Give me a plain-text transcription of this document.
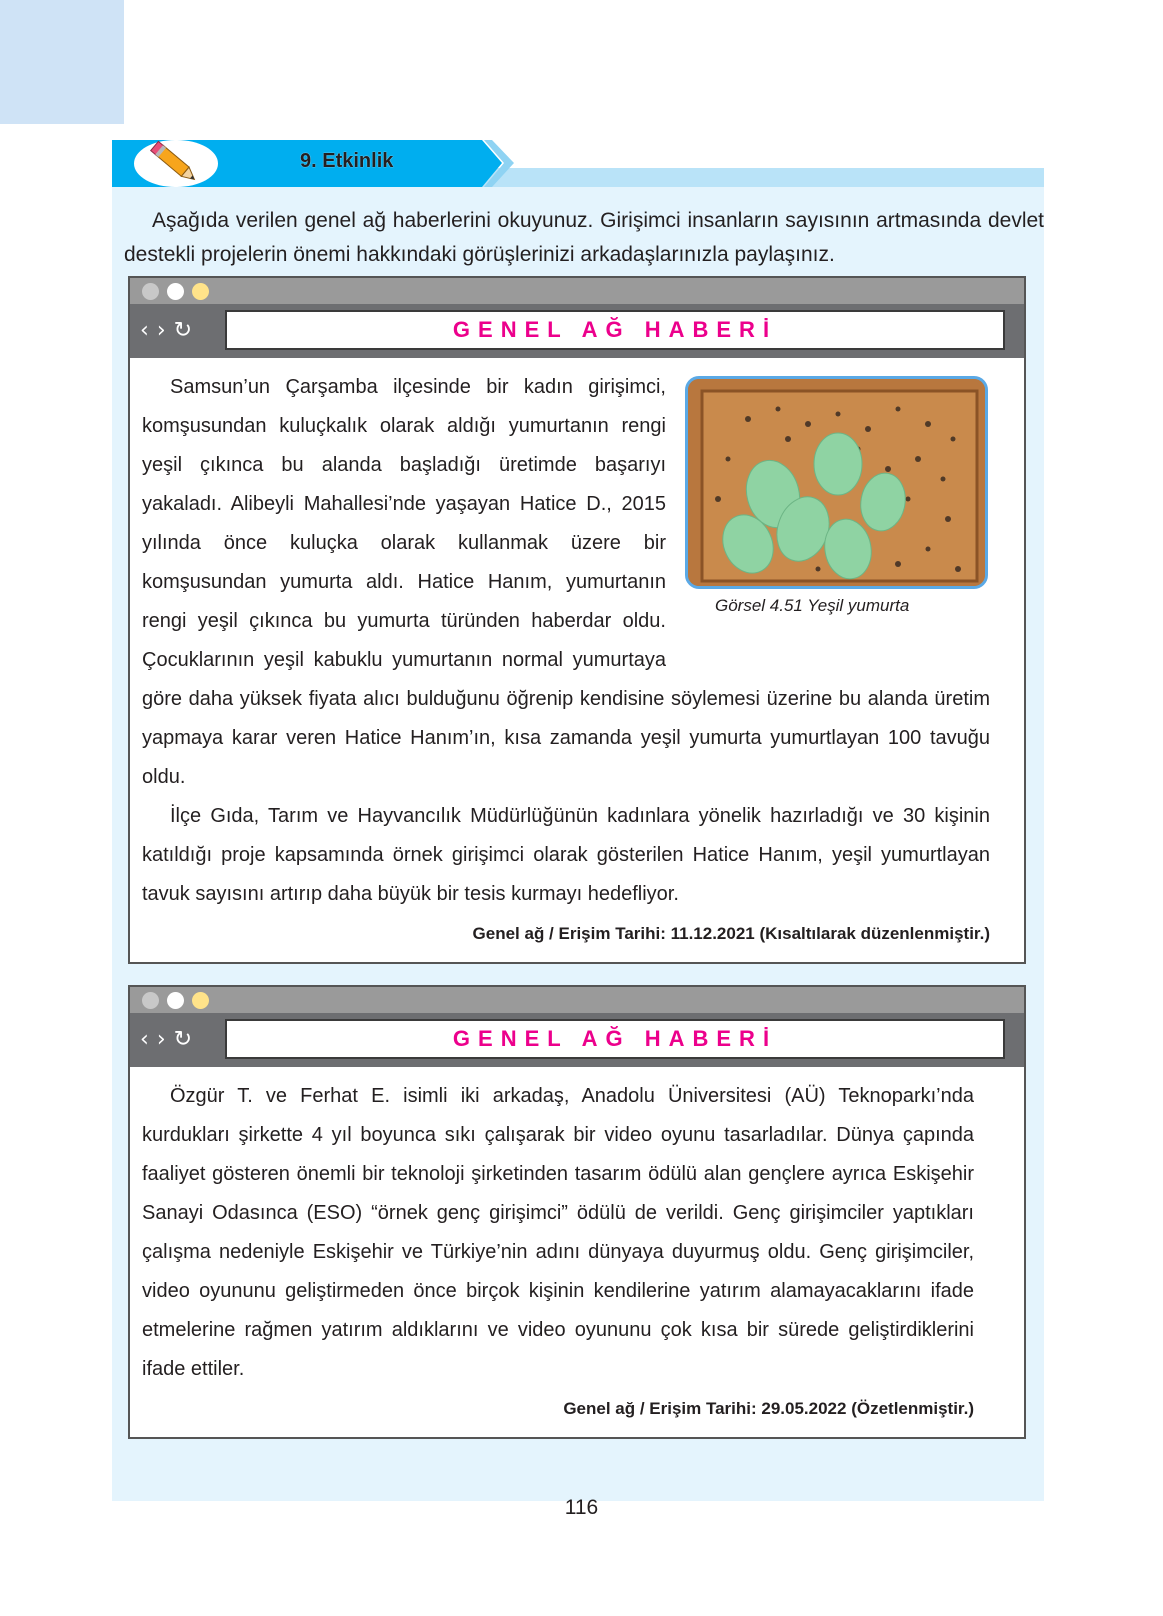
9. Etkinlik

Aşağıda verilen genel ağ haberlerini okuyunuz. Girişimci insanların sayısının artmasında devlet destekli projelerin önemi hakkındaki görüşlerinizi arkadaşlarınızla paylaşınız.

‹ › ↻	GENEL AĞ HABERİ
Görsel 4.51 Yeşil yumurta

Samsun’un Çarşamba ilçesinde bir kadın girişimci, komşusundan kuluçkalık olarak aldığı yumurtanın rengi yeşil çıkınca bu alanda başladığı üretimde başarıyı yakaladı. Alibeyli Mahallesi’nde yaşayan Hatice D., 2015 yılında önce kuluçka olarak kullanmak üzere bir komşusundan yumurta aldı. Hatice Hanım, yumurtanın rengi yeşil çıkınca bu yumurta türünden haberdar oldu. Çocuklarının yeşil kabuklu yumurtanın normal yumurtaya göre daha yüksek fiyata alıcı bulduğunu öğrenip kendisine söylemesi üzerine bu alanda üretim yapmaya karar veren Hatice Hanım’ın, kısa zamanda yeşil yumurta yumurtlayan 100 tavuğu oldu.

İlçe Gıda, Tarım ve Hayvancılık Müdürlüğünün kadınlara yönelik hazırladığı ve 30 kişinin katıldığı proje kapsamında örnek girişimci olarak gösterilen Hatice Hanım, yeşil yumurtlayan tavuk sayısını artırıp daha büyük bir tesis kurmayı hedefliyor.

Genel ağ / Erişim Tarihi: 11.12.2021 (Kısaltılarak düzenlenmiştir.)
‹ › ↻	GENEL AĞ HABERİ

Özgür T. ve Ferhat E. isimli iki arkadaş, Anadolu Üniversitesi (AÜ) Teknoparkı’nda kurdukları şirkette 4 yıl boyunca sıkı çalışarak bir video oyunu tasarladılar. Dünya çapında faaliyet gösteren önemli bir teknoloji şirketinden tasarım ödülü alan gençlere ayrıca Eskişehir Sanayi Odasınca (ESO) “örnek genç girişimci” ödülü de verildi. Genç girişimciler yaptıkları çalışma nedeniyle Eskişehir ve Türkiye’nin adını dünyaya duyurmuş oldu. Genç girişimciler, video oyununu geliştirmeden önce birçok kişinin kendilerine yatırım alamayacaklarını ifade etmelerine rağmen yatırım aldıklarını ve video oyununu çok kısa bir sürede geliştirdiklerini ifade ettiler.

Genel ağ / Erişim Tarihi: 29.05.2022 (Özetlenmiştir.)
116
